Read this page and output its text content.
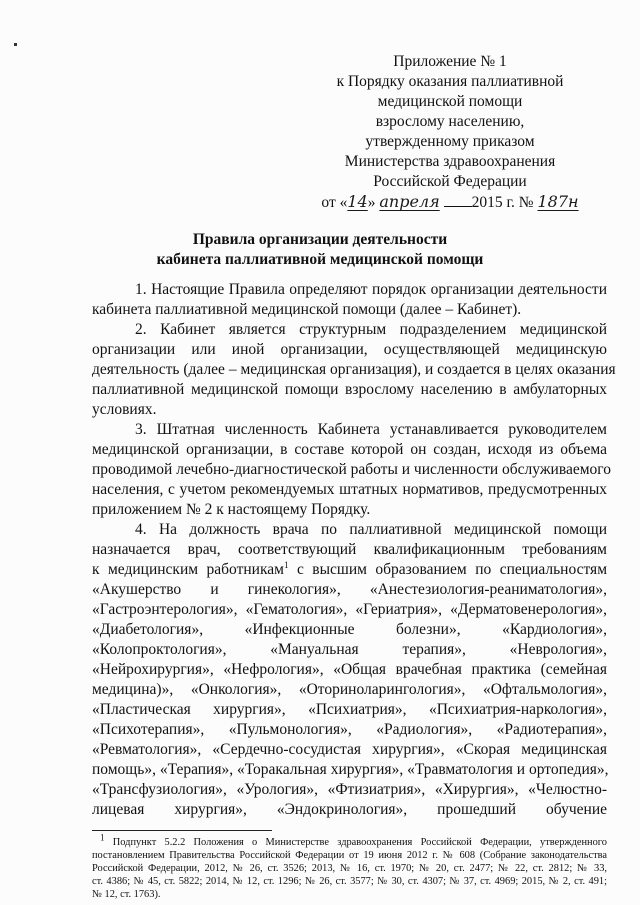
Приложение № 1
к Порядку оказания паллиативной
медицинской помощи
взрослому населению,
утвержденному приказом
Министерства здравоохранения
Российской Федерации
от «14» апреля 2015 г. № 187н
Правила организации деятельности
кабинета паллиативной медицинской помощи
1. Настоящие Правила определяют порядок организации деятельности
кабинета паллиативной медицинской помощи (далее – Кабинет).
2. Кабинет является структурным подразделением медицинской
организации или иной организации, осуществляющей медицинскую
деятельность (далее – медицинская организация), и создается в целях оказания
паллиативной медицинской помощи взрослому населению в амбулаторных
условиях.
3. Штатная численность Кабинета устанавливается руководителем
медицинской организации, в составе которой он создан, исходя из объема
проводимой лечебно-диагностической работы и численности обслуживаемого
населения, с учетом рекомендуемых штатных нормативов, предусмотренных
приложением № 2 к настоящему Порядку.
4. На должность врача по паллиативной медицинской помощи
назначается врач, соответствующий квалификационным требованиям
к медицинским работникам$^1$ с высшим образованием по специальностям
«Акушерство и гинекология», «Анестезиология-реаниматология»,
«Гастроэнтерология», «Гематология», «Гериатрия», «Дерматовенерология»,
«Диабетология», «Инфекционные болезни», «Кардиология»,
«Колопроктология», «Мануальная терапия», «Неврология»,
«Нейрохирургия», «Нефрология», «Общая врачебная практика (семейная
медицина)», «Онкология», «Оториноларингология», «Офтальмология»,
«Пластическая хирургия», «Психиатрия», «Психиатрия-наркология»,
«Психотерапия», «Пульмонология», «Радиология», «Радиотерапия»,
«Ревматология», «Сердечно-сосудистая хирургия», «Скорая медицинская
помощь», «Терапия», «Торакальная хирургия», «Травматология и ортопедия»,
«Трансфузиология», «Урология», «Фтизиатрия», «Хирургия», «Челюстно-
лицевая хирургия», «Эндокринология», прошедший обучение
$^1$ Подпункт 5.2.2 Положения о Министерстве здравоохранения Российской Федерации, утвержденного
постановлением Правительства Российской Федерации от 19 июня 2012 г. № 608 (Собрание законодательства
Российской Федерации, 2012, № 26, ст. 3526; 2013, № 16, ст. 1970; № 20, ст. 2477; № 22, ст. 2812; № 33,
ст. 4386; № 45, ст. 5822; 2014, № 12, ст. 1296; № 26, ст. 3577; № 30, ст. 4307; № 37, ст. 4969; 2015, № 2, ст. 491;
№ 12, ст. 1763).
